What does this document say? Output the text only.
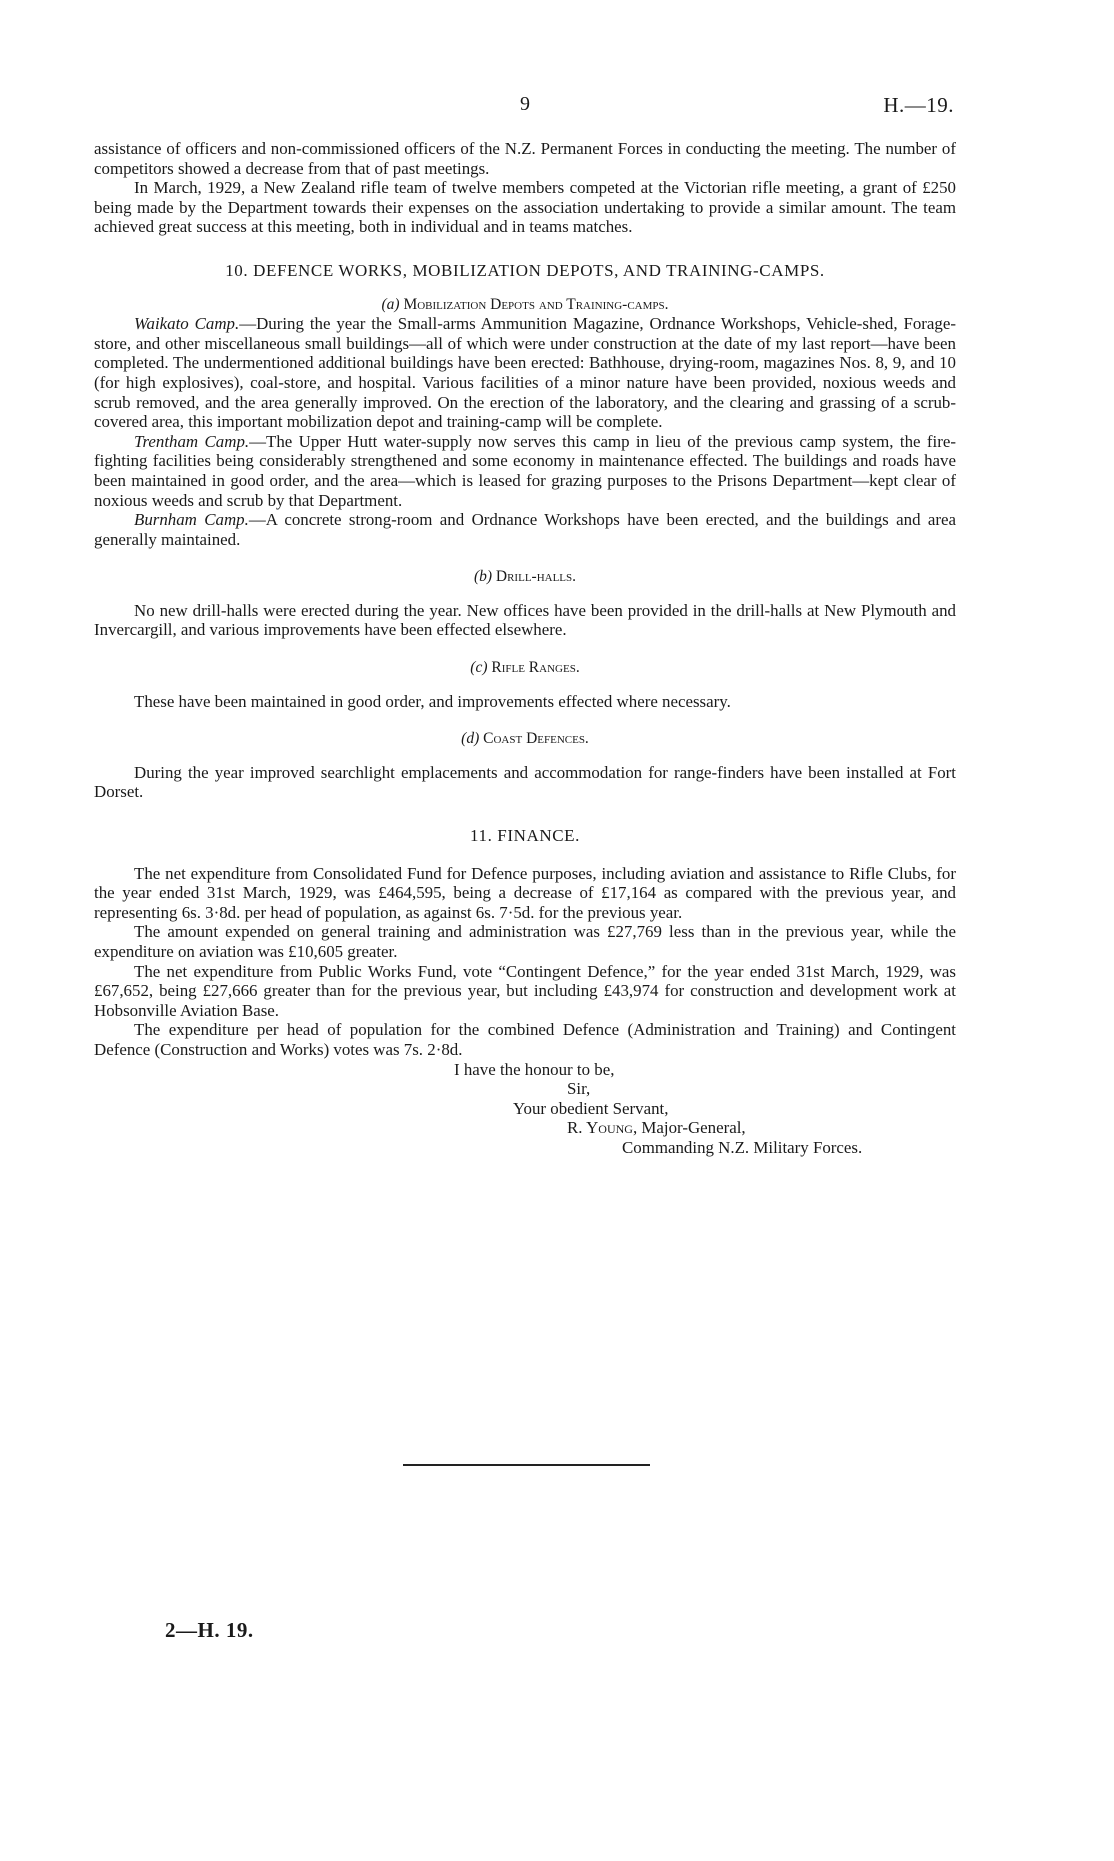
9	H.—19.

assistance of officers and non-commissioned officers of the N.Z. Permanent Forces in conducting the meeting. The number of competitors showed a decrease from that of past meetings.

In March, 1929, a New Zealand rifle team of twelve members competed at the Victorian rifle meeting, a grant of £250 being made by the Department towards their expenses on the association undertaking to provide a similar amount. The team achieved great success at this meeting, both in individual and in teams matches.

10. DEFENCE WORKS, MOBILIZATION DEPOTS, AND TRAINING-CAMPS.

(a) Mobilization Depots and Training-camps.

Waikato Camp.—During the year the Small-arms Ammunition Magazine, Ordnance Workshops, Vehicle-shed, Forage-store, and other miscellaneous small buildings—all of which were under construction at the date of my last report—have been completed. The undermentioned additional buildings have been erected: Bathhouse, drying-room, magazines Nos. 8, 9, and 10 (for high explosives), coal-store, and hospital. Various facilities of a minor nature have been provided, noxious weeds and scrub removed, and the area generally improved. On the erection of the laboratory, and the clearing and grassing of a scrub-covered area, this important mobilization depot and training-camp will be complete.

Trentham Camp.—The Upper Hutt water-supply now serves this camp in lieu of the previous camp system, the fire-fighting facilities being considerably strengthened and some economy in maintenance effected. The buildings and roads have been maintained in good order, and the area—which is leased for grazing purposes to the Prisons Department—kept clear of noxious weeds and scrub by that Department.

Burnham Camp.—A concrete strong-room and Ordnance Workshops have been erected, and the buildings and area generally maintained.

(b) Drill-halls.

No new drill-halls were erected during the year. New offices have been provided in the drill-halls at New Plymouth and Invercargill, and various improvements have been effected elsewhere.

(c) Rifle Ranges.

These have been maintained in good order, and improvements effected where necessary.

(d) Coast Defences.

During the year improved searchlight emplacements and accommodation for range-finders have been installed at Fort Dorset.

11. FINANCE.

The net expenditure from Consolidated Fund for Defence purposes, including aviation and assistance to Rifle Clubs, for the year ended 31st March, 1929, was £464,595, being a decrease of £17,164 as compared with the previous year, and representing 6s. 3·8d. per head of population, as against 6s. 7·5d. for the previous year.

The amount expended on general training and administration was £27,769 less than in the previous year, while the expenditure on aviation was £10,605 greater.

The net expenditure from Public Works Fund, vote “Contingent Defence,” for the year ended 31st March, 1929, was £67,652, being £27,666 greater than for the previous year, but including £43,974 for construction and development work at Hobsonville Aviation Base.

The expenditure per head of population for the combined Defence (Administration and Training) and Contingent Defence (Construction and Works) votes was 7s. 2·8d.

I have the honour to be,

Sir,

Your obedient Servant,

R. Young, Major-General,

Commanding N.Z. Military Forces.

2—H. 19.
